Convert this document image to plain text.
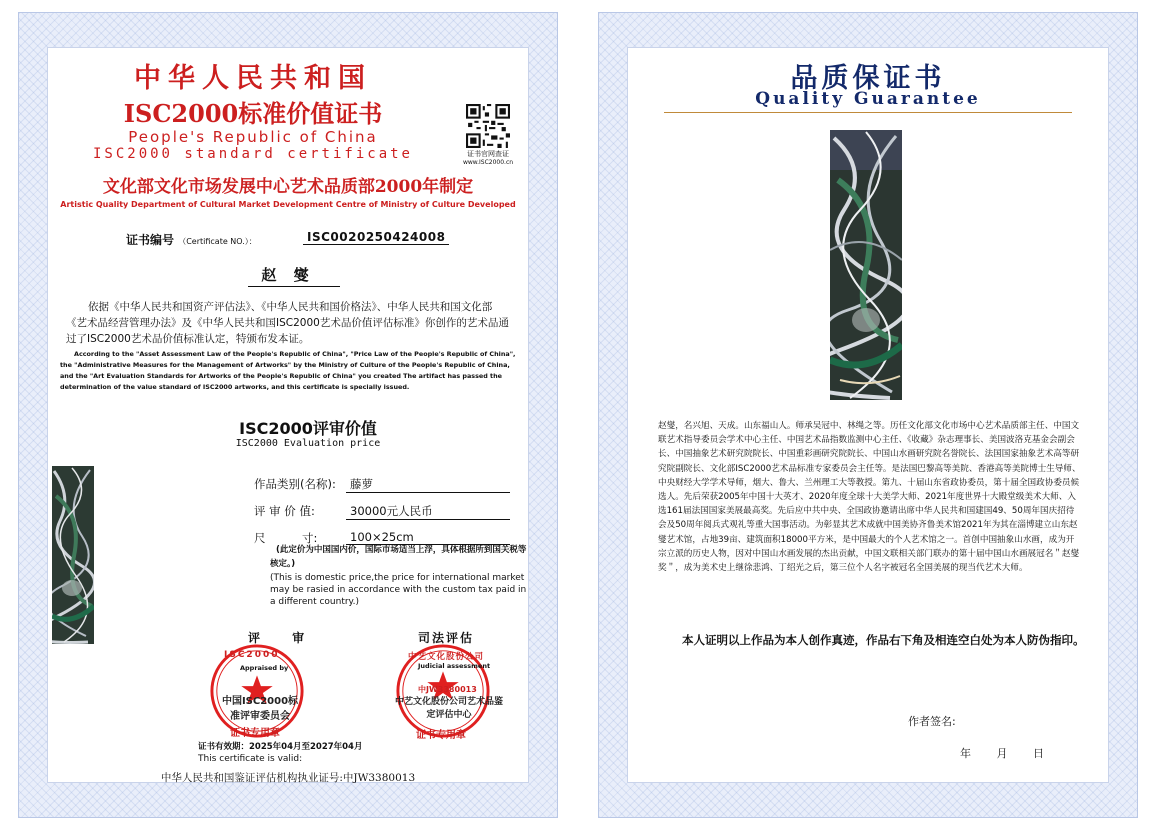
中华人民共和国
ISC2000标准价值证书
People's Republic of China
ISC2000 standard certificate	证书官网查证
www.ISC2000.cn
文化部文化市场发展中心艺术品质部2000年制定
Artistic Quality Department of Cultural Market Development Centre of Ministry of Culture Developed
证书编号 （Certificate NO.）：	ISC0020250424008
赵 燮
依据《中华人民共和国资产评估法》、《中华人民共和国价格法》、中华人民共和国文化部《艺术品经营管理办法》及《中华人民共和国ISC2000艺术品价值评估标准》你创作的艺术品通过了ISC2000艺术品价值标准认定，特颁布发本证。
According to the "Asset Assessment Law of the People's Republic of China", "Price Law of the People's Republic of China", the "Administrative Measures for the Management of Artworks" by the Ministry of Culture of the People's Republic of China, and the "Art Evaluation Standards for Artworks of the People's Republic of China" you created The artifact has passed the determination of the value standard of ISC2000 artworks, and this certificate is specially issued.
ISC2000评审价值
ISC2000 Evaluation price
作品类别(名称):	藤萝
评 审 价 值:	30000元人民币
尺          寸:	100×25cm
(此定价为中国国内价，国际市场适当上浮，具体根据所到国关税等核定。)
(This is domestic price,the price for international market may be rasied in accordance with the custom tax paid in a different country.)
评 审	司法评估
ISC2000
Appraised by
中国ISC2000标准评审委员会
证书专用章
中艺文化股份公司
Judicial assessment
中JW3380013
中艺文化股份公司艺术品鉴定评估中心
证书专用章
证书有效期：2025年04月至2027年04月
This certificate is valid:
中华人民共和国鉴证评估机构执业证号:中JW3380013
品质保证书
Quality Guarantee
赵燮，名兴旭、天成。山东福山人。师承吴冠中、林绳之等。历任文化部文化市场中心艺术品质部主任、中国文联艺术指导委员会学术中心主任、中国艺术品指数监测中心主任、《收藏》杂志理事长、美国波洛克基金会副会长、中国抽象艺术研究院院长、中国重彩画研究院院长、中国山水画研究院名誉院长、法国国家抽象艺术高等研究院副院长、文化部ISC2000艺术品标准专家委员会主任等。是法国巴黎高等美院、香港高等美院博士生导师、中央财经大学学术导师，烟大、鲁大、兰州理工大等教授。第九、十届山东省政协委员，第十届全国政协委员候选人。先后荣获2005年中国十大英才、2020年度全球十大美学大师、2021年度世界十大殿堂级美术大师、入选161届法国国家美展最高奖。先后应中共中央、全国政协邀请出席中华人民共和国建国49、50周年国庆招待会及50周年阅兵式观礼等重大国事活动。为彰显其艺术成就中国美协齐鲁美术馆2021年为其在淄博建立山东赵燮艺术馆，占地39亩、建筑面积18000平方米，是中国最大的个人艺术馆之一。首创中国抽象山水画，成为开宗立派的历史人物，因对中国山水画发展的杰出贡献，中国文联相关部门联办的第十届中国山水画展冠名＂赵燮奖＂，成为美术史上继徐悲鸿、丁绍光之后，第三位个人名字被冠名全国美展的现当代艺术大师。
本人证明以上作品为本人创作真迹，作品右下角及相连空白处为本人防伪指印。
作者签名:
年 月 日
